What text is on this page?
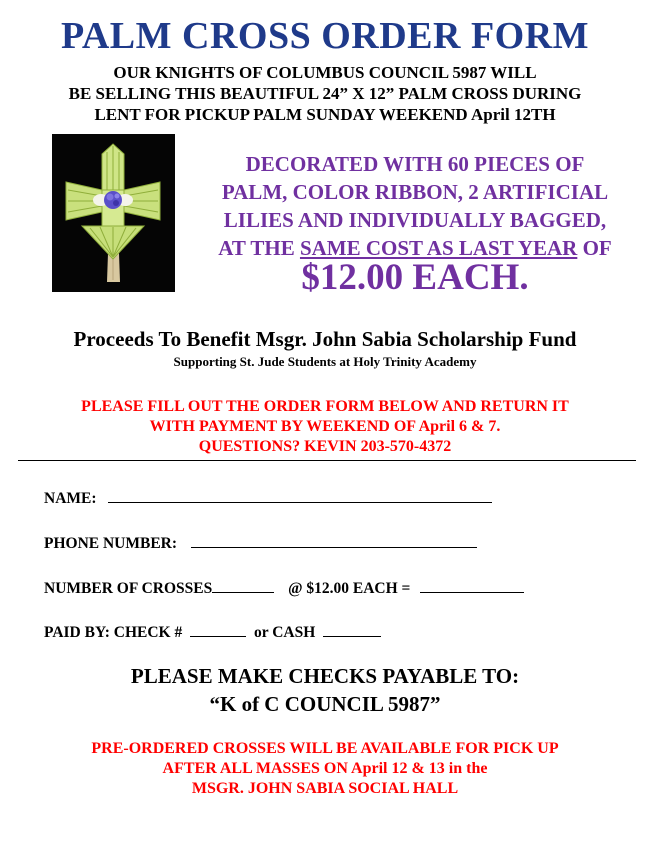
PALM CROSS ORDER FORM
OUR KNIGHTS OF COLUMBUS COUNCIL 5987 WILL
BE SELLING THIS BEAUTIFUL 24” X 12” PALM CROSS DURING
LENT FOR PICKUP PALM SUNDAY WEEKEND April 12TH
DECORATED WITH 60 PIECES OF
PALM, COLOR RIBBON, 2 ARTIFICIAL
LILIES AND INDIVIDUALLY BAGGED,
AT THE SAME COST AS LAST YEAR OF
$12.00 EACH.
Proceeds To Benefit Msgr. John Sabia Scholarship Fund
Supporting St. Jude Students at Holy Trinity Academy
PLEASE FILL OUT THE ORDER FORM BELOW AND RETURN IT
WITH PAYMENT BY WEEKEND OF April 6 & 7.
QUESTIONS? KEVIN 203-570-4372
NAME:
PHONE NUMBER:
NUMBER OF CROSSES	@ $12.00 EACH =
PAID BY: CHECK #	or CASH
PLEASE MAKE CHECKS PAYABLE TO:
“K of C COUNCIL 5987”
PRE-ORDERED CROSSES WILL BE AVAILABLE FOR PICK UP
AFTER ALL MASSES ON April 12 & 13 in the
MSGR. JOHN SABIA SOCIAL HALL
